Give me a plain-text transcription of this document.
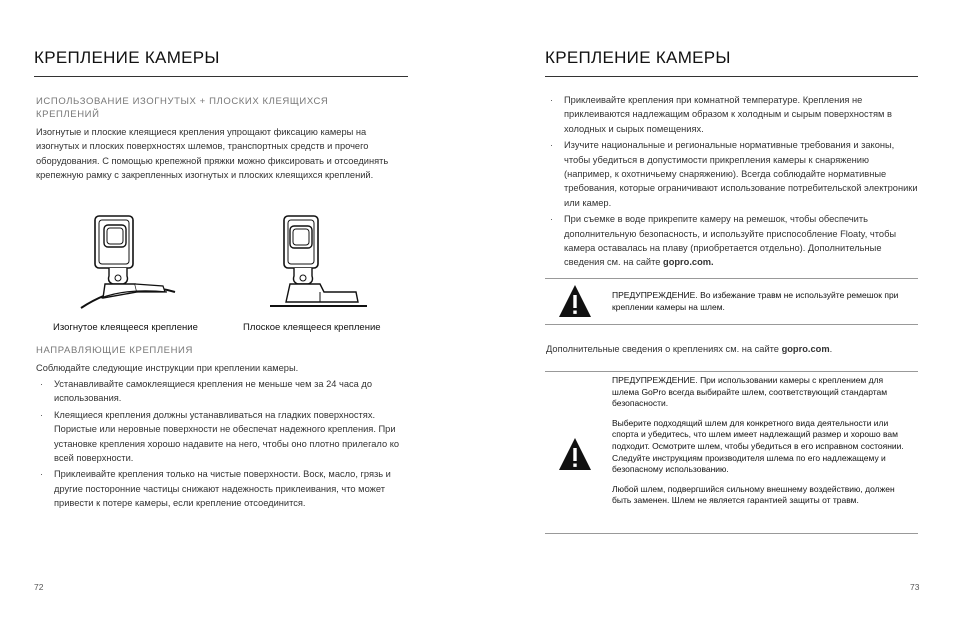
КРЕПЛЕНИЕ КАМЕРЫ

ИСПОЛЬЗОВАНИЕ ИЗОГНУТЫХ + ПЛОСКИХ КЛЕЯЩИХСЯ КРЕПЛЕНИЙ

Изогнутые и плоские клеящиеся крепления упрощают фиксацию камеры на изогнутых и плоских поверхностях шлемов, транспортных средств и прочего оборудования. С помощью крепежной пряжки можно фиксировать и отсоединять крепежную рамку с закрепленных изогнутых и плоских клеящихся креплений.

Изогнутое клеящееся крепление	Плоское клеящееся крепление

НАПРАВЛЯЮЩИЕ КРЕПЛЕНИЯ

Соблюдайте следующие инструкции при креплении камеры.

· Устанавливайте самоклеящиеся крепления не меньше чем за 24 часа до использования.
· Клеящиеся крепления должны устанавливаться на гладких поверхностях. Пористые или неровные поверхности не обеспечат надежного крепления. При установке крепления хорошо надавите на него, чтобы оно плотно прилегало ко всей поверхности.
· Приклеивайте крепления только на чистые поверхности. Воск, масло, грязь и другие посторонние частицы снижают надежность приклеивания, что может привести к потере камеры, если крепление отсоединится.
72
КРЕПЛЕНИЕ КАМЕРЫ
· Приклеивайте крепления при комнатной температуре. Крепления не приклеиваются надлежащим образом к холодным и сырым поверхностям в холодных и сырых помещениях.
· Изучите национальные и региональные нормативные требования и законы, чтобы убедиться в допустимости прикрепления камеры к снаряжению (например, к охотничьему снаряжению). Всегда соблюдайте нормативные требования, которые ограничивают использование потребительской электроники или камер.
· При съемке в воде прикрепите камеру на ремешок, чтобы обеспечить дополнительную безопасность, и используйте приспособление Floaty, чтобы камера оставалась на плаву (приобретается отдельно). Дополнительные сведения см. на сайте gopro.com.
ПРЕДУПРЕЖДЕНИЕ. Во избежание травм не используйте ремешок при креплении камеры на шлем.

Дополнительные сведения о креплениях см. на сайте gopro.com.

ПРЕДУПРЕЖДЕНИЕ. При использовании камеры с креплением для шлема GoPro всегда выбирайте шлем, соответствующий стандартам безопасности.

Выберите подходящий шлем для конкретного вида деятельности или спорта и убедитесь, что шлем имеет надлежащий размер и хорошо вам подходит. Осмотрите шлем, чтобы убедиться в его исправном состоянии. Следуйте инструкциям производителя шлема по его надлежащему и безопасному использованию.

Любой шлем, подвергшийся сильному внешнему воздействию, должен быть заменен. Шлем не является гарантией защиты от травм.

73
